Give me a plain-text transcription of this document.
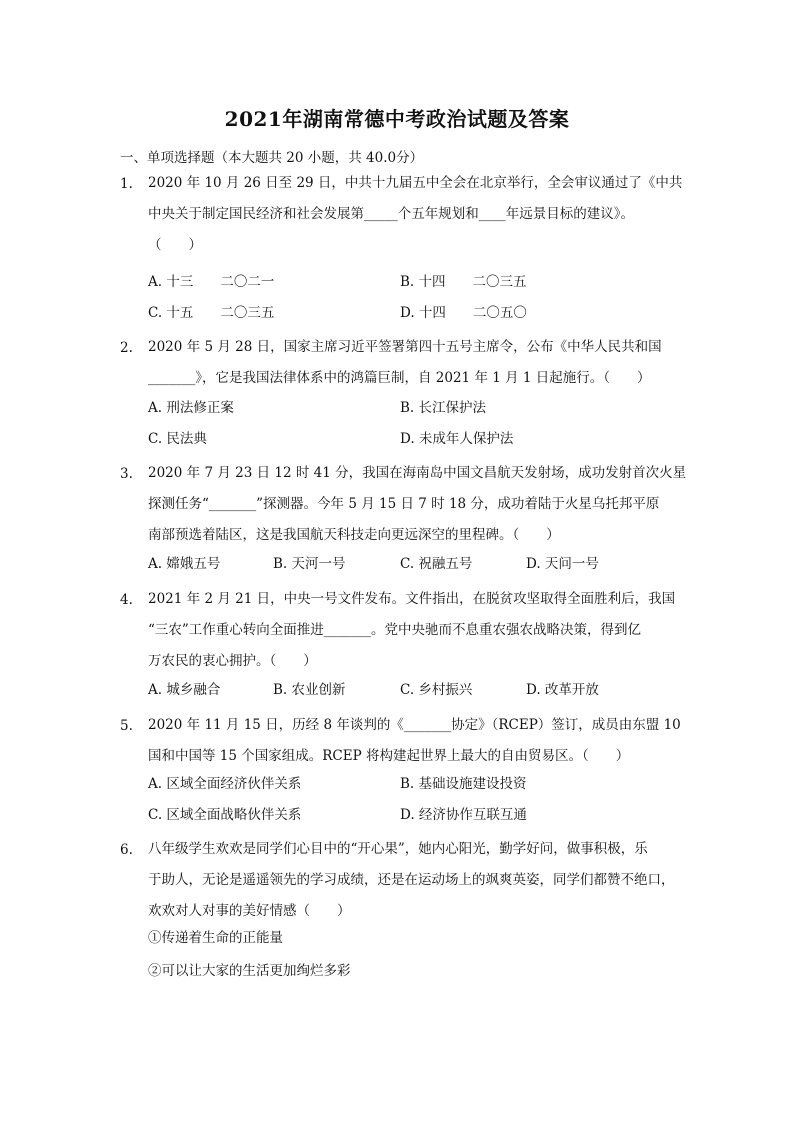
2021年湖南常德中考政治试题及答案
一、单项选择题（本大题共 20 小题，共 40.0分）
1. 2020 年 10 月 26 日至 29 日，中共十九届五中全会在北京举行，全会审议通过了《中共
中央关于制定国民经济和社会发展第_____个五年规划和____年远景目标的建议》。
（　　）
A. 十三　　二〇二一	B. 十四　　二〇三五
C. 十五　　二〇三五	D. 十四　　二〇五〇
2. 2020 年 5 月 28 日，国家主席习近平签署第四十五号主席令，公布《中华人民共和国
_______》，它是我国法律体系中的鸿篇巨制，自 2021 年 1 月 1 日起施行。（　　）
A. 刑法修正案	B. 长江保护法
C. 民法典	D. 未成年人保护法
3. 2020 年 7 月 23 日 12 时 41 分，我国在海南岛中国文昌航天发射场，成功发射首次火星
探测任务“_______”探测器。今年 5 月 15 日 7 时 18 分，成功着陆于火星乌托邦平原
南部预选着陆区，这是我国航天科技走向更远深空的里程碑。（　　）
A. 嫦娥五号	B. 天河一号	C. 祝融五号	D. 天问一号
4. 2021 年 2 月 21 日，中央一号文件发布。文件指出，在脱贫攻坚取得全面胜利后，我国
“三农”工作重心转向全面推进_______。党中央驰而不息重农强农战略决策，得到亿
万农民的衷心拥护。（　　）
A. 城乡融合	B. 农业创新	C. 乡村振兴	D. 改革开放
5. 2020 年 11 月 15 日，历经 8 年谈判的《_______协定》（RCEP）签订，成员由东盟 10
国和中国等 15 个国家组成。RCEP 将构建起世界上最大的自由贸易区。（　　）
A. 区域全面经济伙伴关系	B. 基础设施建设投资
C. 区域全面战略伙伴关系	D. 经济协作互联互通
6. 八年级学生欢欢是同学们心目中的“开心果”，她内心阳光，勤学好问，做事积极，乐
于助人，无论是遥遥领先的学习成绩，还是在运动场上的飒爽英姿，同学们都赞不绝口，
欢欢对人对事的美好情感（　　）
①传递着生命的正能量
②可以让大家的生活更加绚烂多彩
